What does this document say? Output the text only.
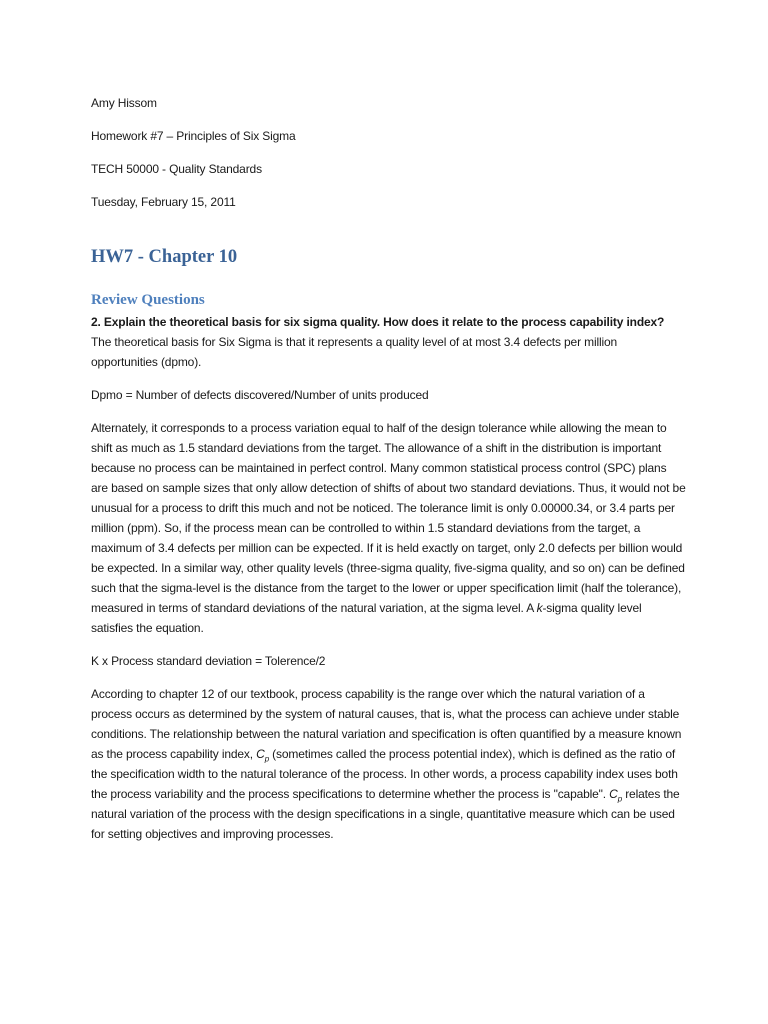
Amy Hissom

Homework #7 – Principles of Six Sigma

TECH 50000 - Quality Standards

Tuesday, February 15, 2011

HW7 - Chapter 10
Review Questions

2. Explain the theoretical basis for six sigma quality. How does it relate to the process capability index?

The theoretical basis for Six Sigma is that it represents a quality level of at most 3.4 defects per million opportunities (dpmo).

Dpmo = Number of defects discovered/Number of units produced

Alternately, it corresponds to a process variation equal to half of the design tolerance while allowing the mean to shift as much as 1.5 standard deviations from the target. The allowance of a shift in the distribution is important because no process can be maintained in perfect control. Many common statistical process control (SPC) plans are based on sample sizes that only allow detection of shifts of about two standard deviations. Thus, it would not be unusual for a process to drift this much and not be noticed. The tolerance limit is only 0.00000.34, or 3.4 parts per million (ppm). So, if the process mean can be controlled to within 1.5 standard deviations from the target, a maximum of 3.4 defects per million can be expected. If it is held exactly on target, only 2.0 defects per billion would be expected. In a similar way, other quality levels (three-sigma quality, five-sigma quality, and so on) can be defined such that the sigma-level is the distance from the target to the lower or upper specification limit (half the tolerance), measured in terms of standard deviations of the natural variation, at the sigma level. A k-sigma quality level satisfies the equation.

K x Process standard deviation = Tolerence/2

According to chapter 12 of our textbook, process capability is the range over which the natural variation of a process occurs as determined by the system of natural causes, that is, what the process can achieve under stable conditions. The relationship between the natural variation and specification is often quantified by a measure known as the process capability index, $C_p$ (sometimes called the process potential index), which is defined as the ratio of the specification width to the natural tolerance of the process. In other words, a process capability index uses both the process variability and the process specifications to determine whether the process is "capable". $C_p$ relates the natural variation of the process with the design specifications in a single, quantitative measure which can be used for setting objectives and improving processes.
